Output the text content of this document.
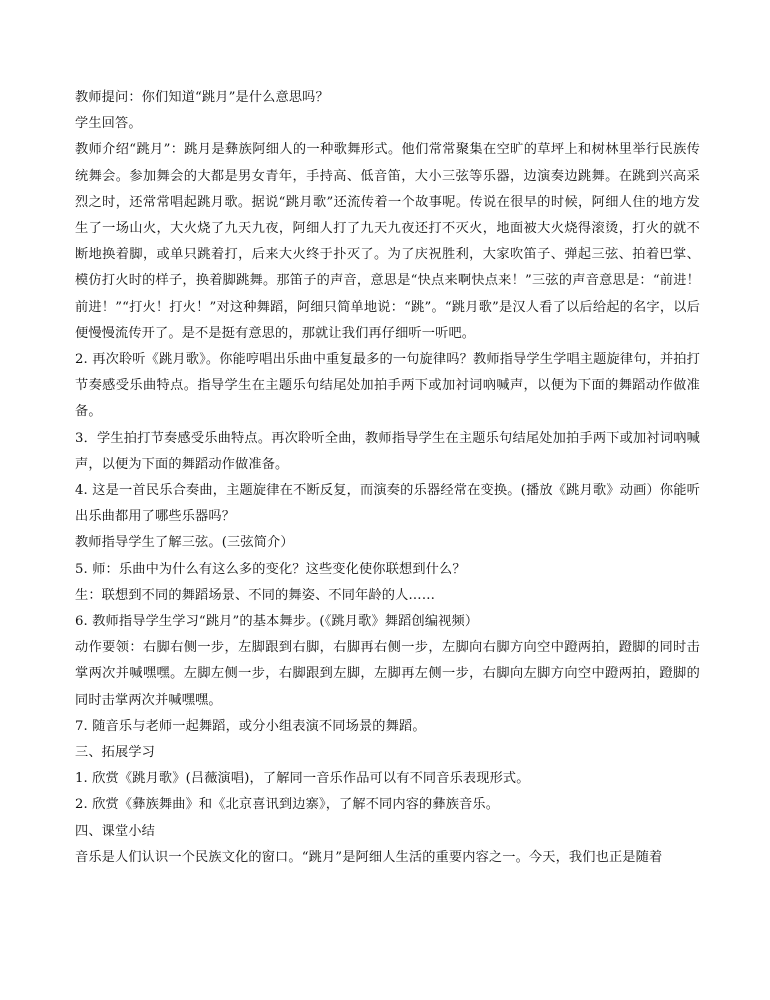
教师提问：你们知道“跳月”是什么意思吗？

学生回答。

教师介绍“跳月”：跳月是彝族阿细人的一种歌舞形式。他们常常聚集在空旷的草坪上和树林里举行民族传统舞会。参加舞会的大都是男女青年，手持高、低音笛，大小三弦等乐器，边演奏边跳舞。在跳到兴高采烈之时，还常常唱起跳月歌。据说“跳月歌”还流传着一个故事呢。传说在很早的时候，阿细人住的地方发生了一场山火，大火烧了九天九夜，阿细人打了九天九夜还打不灭火，地面被大火烧得滚烫，打火的就不断地换着脚，或单只跳着打，后来大火终于扑灭了。为了庆祝胜利，大家吹笛子、弹起三弦、拍着巴掌、模仿打火时的样子，换着脚跳舞。那笛子的声音，意思是“快点来啊快点来！”三弦的声音意思是：“前进！前进！”“打火！打火！”对这种舞蹈，阿细只简单地说：“跳”。“跳月歌”是汉人看了以后给起的名字，以后便慢慢流传开了。是不是挺有意思的，那就让我们再仔细听一听吧。

2. 再次聆听《跳月歌》。你能哼唱出乐曲中重复最多的一句旋律吗？教师指导学生学唱主题旋律句，并拍打节奏感受乐曲特点。指导学生在主题乐句结尾处加拍手两下或加衬词吶喊声，以便为下面的舞蹈动作做准备。

3．学生拍打节奏感受乐曲特点。再次聆听全曲，教师指导学生在主题乐句结尾处加拍手两下或加衬词吶喊声，以便为下面的舞蹈动作做准备。

4. 这是一首民乐合奏曲，主题旋律在不断反复，而演奏的乐器经常在变换。(播放《跳月歌》动画）你能听出乐曲都用了哪些乐器吗？

教师指导学生了解三弦。(三弦简介）

5. 师：乐曲中为什么有这么多的变化？这些变化使你联想到什么？

生：联想到不同的舞蹈场景、不同的舞姿、不同年龄的人……

6. 教师指导学生学习“跳月”的基本舞步。(《跳月歌》舞蹈创编视频）

动作要领：右脚右侧一步，左脚跟到右脚，右脚再右侧一步，左脚向右脚方向空中蹬两拍，蹬脚的同时击掌两次并喊嘿嘿。左脚左侧一步，右脚跟到左脚，左脚再左侧一步，右脚向左脚方向空中蹬两拍，蹬脚的同时击掌两次并喊嘿嘿。

7. 随音乐与老师一起舞蹈，或分小组表演不同场景的舞蹈。

三、拓展学习

1. 欣赏《跳月歌》(吕薇演唱)，了解同一音乐作品可以有不同音乐表现形式。

2. 欣赏《彝族舞曲》和《北京喜讯到边寨》，了解不同内容的彝族音乐。

四、课堂小结

音乐是人们认识一个民族文化的窗口。“跳月”是阿细人生活的重要内容之一。今天，我们也正是随着
